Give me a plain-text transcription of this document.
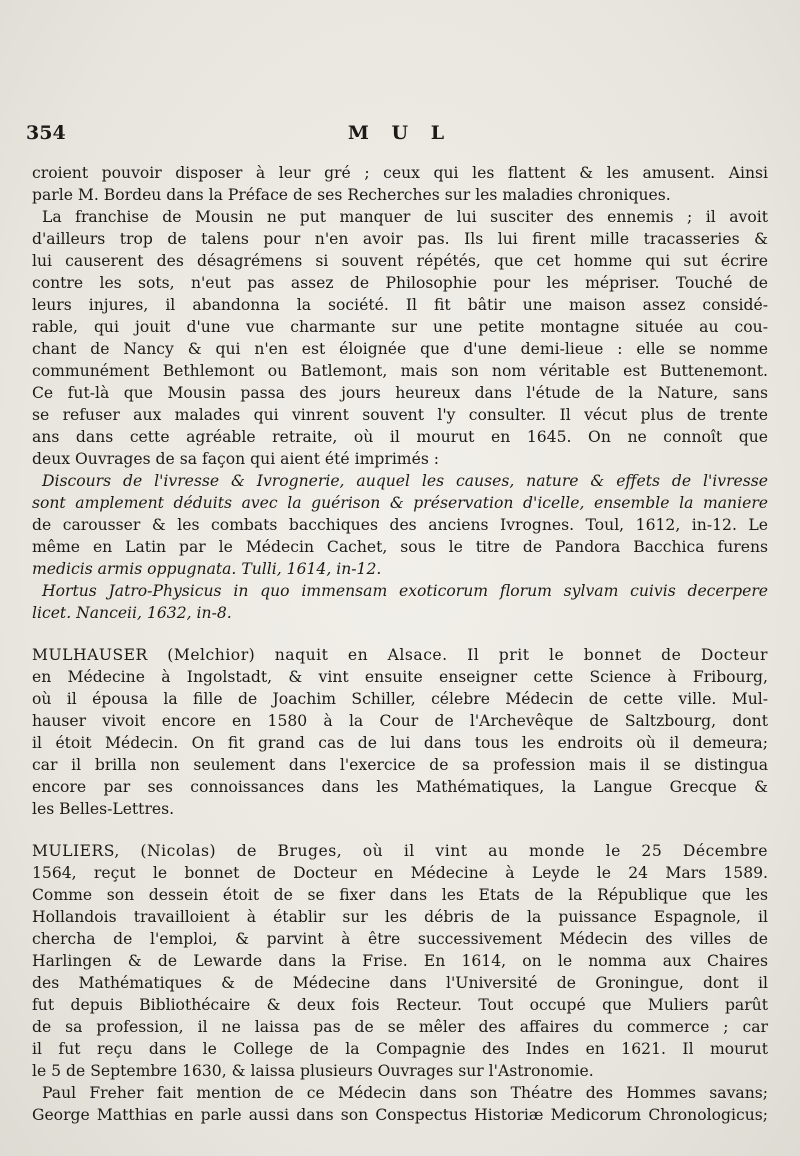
354	M U L
croient pouvoir disposer à leur gré ; ceux qui les flattent & les amusent. Ainsi
parle M. Bordeu dans la Préface de ses Recherches sur les maladies chroniques.
La franchise de Mousin ne put manquer de lui susciter des ennemis ; il avoit
d'ailleurs trop de talens pour n'en avoir pas. Ils lui firent mille tracasseries &
lui causerent des désagrémens si souvent répétés, que cet homme qui sut écrire
contre les sots, n'eut pas assez de Philosophie pour les mépriser. Touché de
leurs injures, il abandonna la société. Il fit bâtir une maison assez considé-
rable, qui jouit d'une vue charmante sur une petite montagne située au cou-
chant de Nancy & qui n'en est éloignée que d'une demi-lieue : elle se nomme
communément Bethlemont ou Batlemont, mais son nom véritable est Buttenemont.
Ce fut-là que Mousin passa des jours heureux dans l'étude de la Nature, sans
se refuser aux malades qui vinrent souvent l'y consulter. Il vécut plus de trente
ans dans cette agréable retraite, où il mourut en 1645. On ne connoît que
deux Ouvrages de sa façon qui aient été imprimés :
Discours de l'ivresse & Ivrognerie, auquel les causes, nature & effets de l'ivresse
sont amplement déduits avec la guérison & préservation d'icelle, ensemble la maniere
de carousser & les combats bacchiques des anciens Ivrognes. Toul, 1612, in-12. Le
même en Latin par le Médecin Cachet, sous le titre de Pandora Bacchica furens
medicis armis oppugnata. Tulli, 1614, in-12.
Hortus Jatro-Physicus in quo immensam exoticorum florum sylvam cuivis decerpere
licet. Nanceii, 1632, in-8.
MULHAUSER (Melchior) naquit en Alsace. Il prit le bonnet de Docteur
en Médecine à Ingolstadt, & vint ensuite enseigner cette Science à Fribourg,
où il épousa la fille de Joachim Schiller, célebre Médecin de cette ville. Mul-
hauser vivoit encore en 1580 à la Cour de l'Archevêque de Saltzbourg, dont
il étoit Médecin. On fit grand cas de lui dans tous les endroits où il demeura;
car il brilla non seulement dans l'exercice de sa profession mais il se distingua
encore par ses connoissances dans les Mathématiques, la Langue Grecque &
les Belles-Lettres.
MULIERS, (Nicolas) de Bruges, où il vint au monde le 25 Décembre
1564, reçut le bonnet de Docteur en Médecine à Leyde le 24 Mars 1589.
Comme son dessein étoit de se fixer dans les Etats de la République que les
Hollandois travailloient à établir sur les débris de la puissance Espagnole, il
chercha de l'emploi, & parvint à être successivement Médecin des villes de
Harlingen & de Lewarde dans la Frise. En 1614, on le nomma aux Chaires
des Mathématiques & de Médecine dans l'Université de Groningue, dont il
fut depuis Bibliothécaire & deux fois Recteur. Tout occupé que Muliers parût
de sa profession, il ne laissa pas de se mêler des affaires du commerce ; car
il fut reçu dans le College de la Compagnie des Indes en 1621. Il mourut
le 5 de Septembre 1630, & laissa plusieurs Ouvrages sur l'Astronomie.
Paul Freher fait mention de ce Médecin dans son Théatre des Hommes savans;
George Matthias en parle aussi dans son Conspectus Historiæ Medicorum Chronologicus;
